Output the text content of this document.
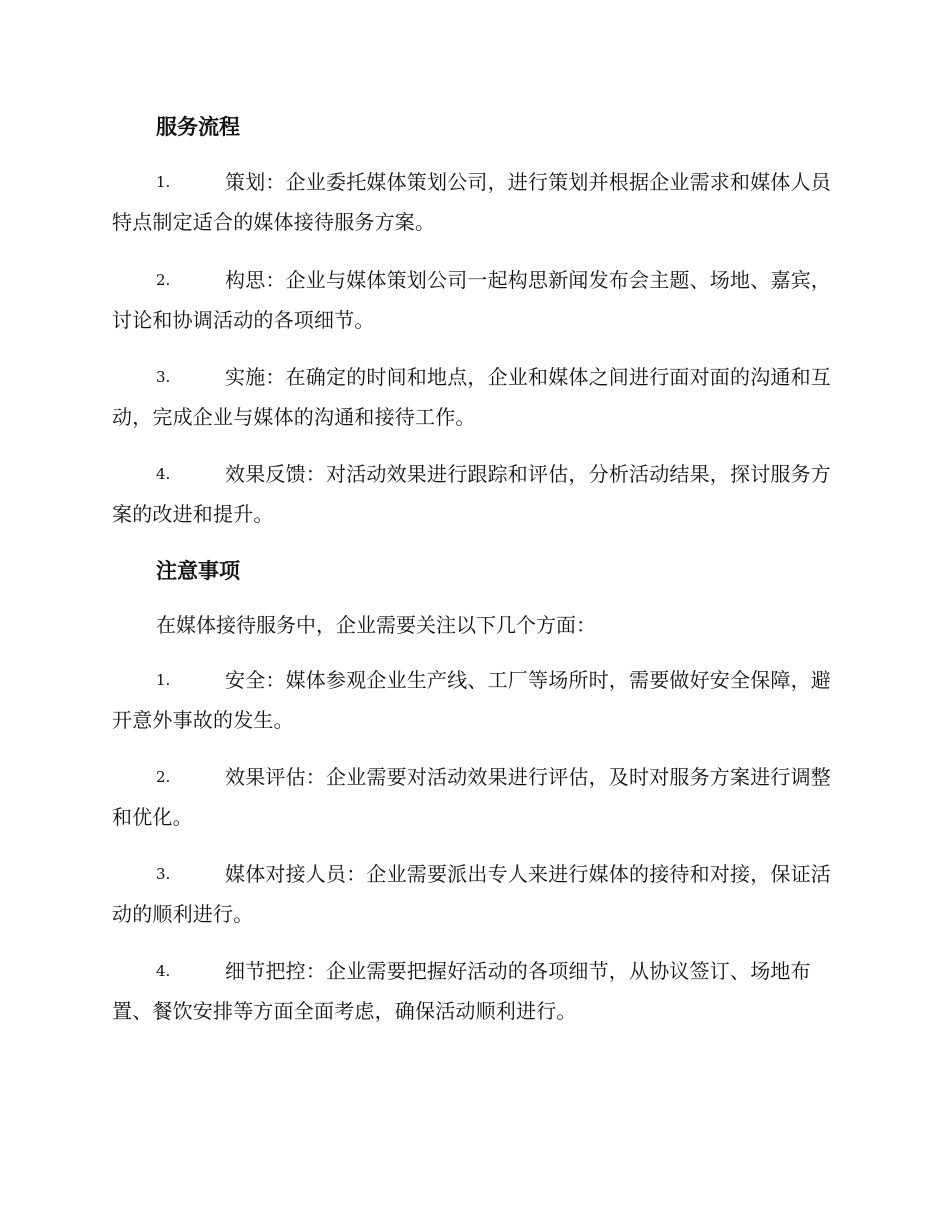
服务流程
1.	策划：企业委托媒体策划公司，进行策划并根据企业需求和媒体人员特点制定适合的媒体接待服务方案。
2.	构思：企业与媒体策划公司一起构思新闻发布会主题、场地、嘉宾，讨论和协调活动的各项细节。
3.	实施：在确定的时间和地点，企业和媒体之间进行面对面的沟通和互动，完成企业与媒体的沟通和接待工作。
4.	效果反馈：对活动效果进行跟踪和评估，分析活动结果，探讨服务方案的改进和提升。
注意事项
在媒体接待服务中，企业需要关注以下几个方面：
1.	安全：媒体参观企业生产线、工厂等场所时，需要做好安全保障，避开意外事故的发生。
2.	效果评估：企业需要对活动效果进行评估，及时对服务方案进行调整和优化。
3.	媒体对接人员：企业需要派出专人来进行媒体的接待和对接，保证活动的顺利进行。
4.	细节把控：企业需要把握好活动的各项细节，从协议签订、场地布置、餐饮安排等方面全面考虑，确保活动顺利进行。
